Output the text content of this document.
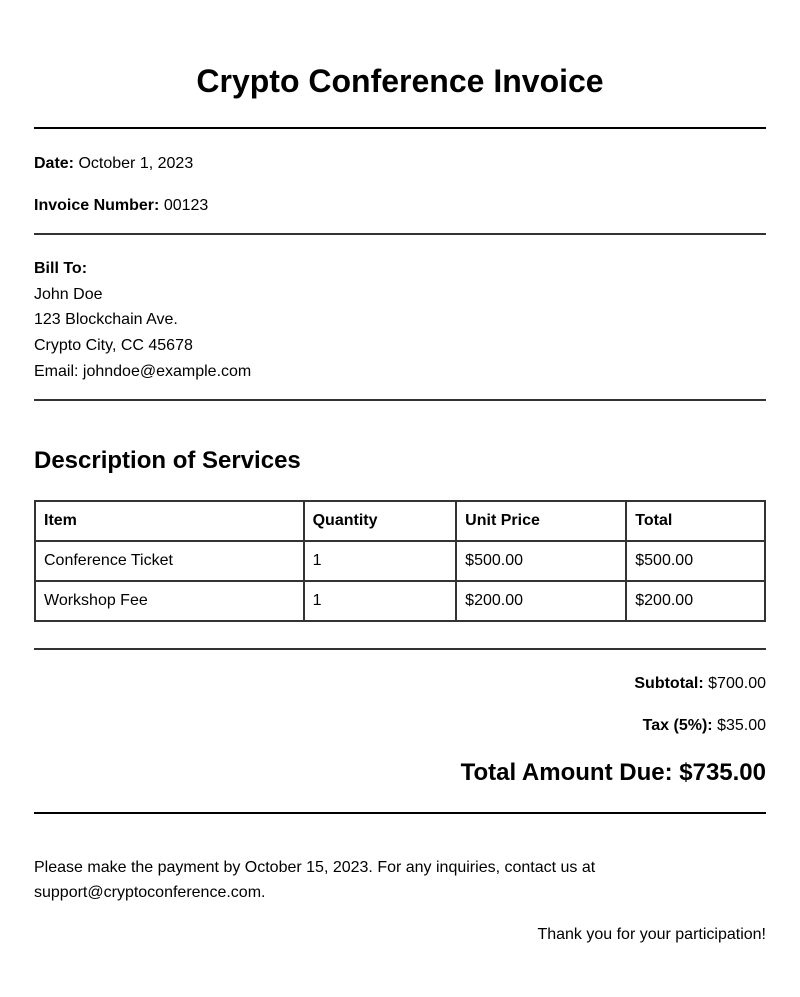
Crypto Conference Invoice
Date: October 1, 2023
Invoice Number: 00123
Bill To:
John Doe
123 Blockchain Ave.
Crypto City, CC 45678
Email: johndoe@example.com
Description of Services
Item	Quantity	Unit Price	Total
Conference Ticket	1	$500.00	$500.00
Workshop Fee	1	$200.00	$200.00
Subtotal: $700.00
Tax (5%): $35.00
Total Amount Due: $735.00
Please make the payment by October 15, 2023. For any inquiries, contact us at support@cryptoconference.com.
Thank you for your participation!
